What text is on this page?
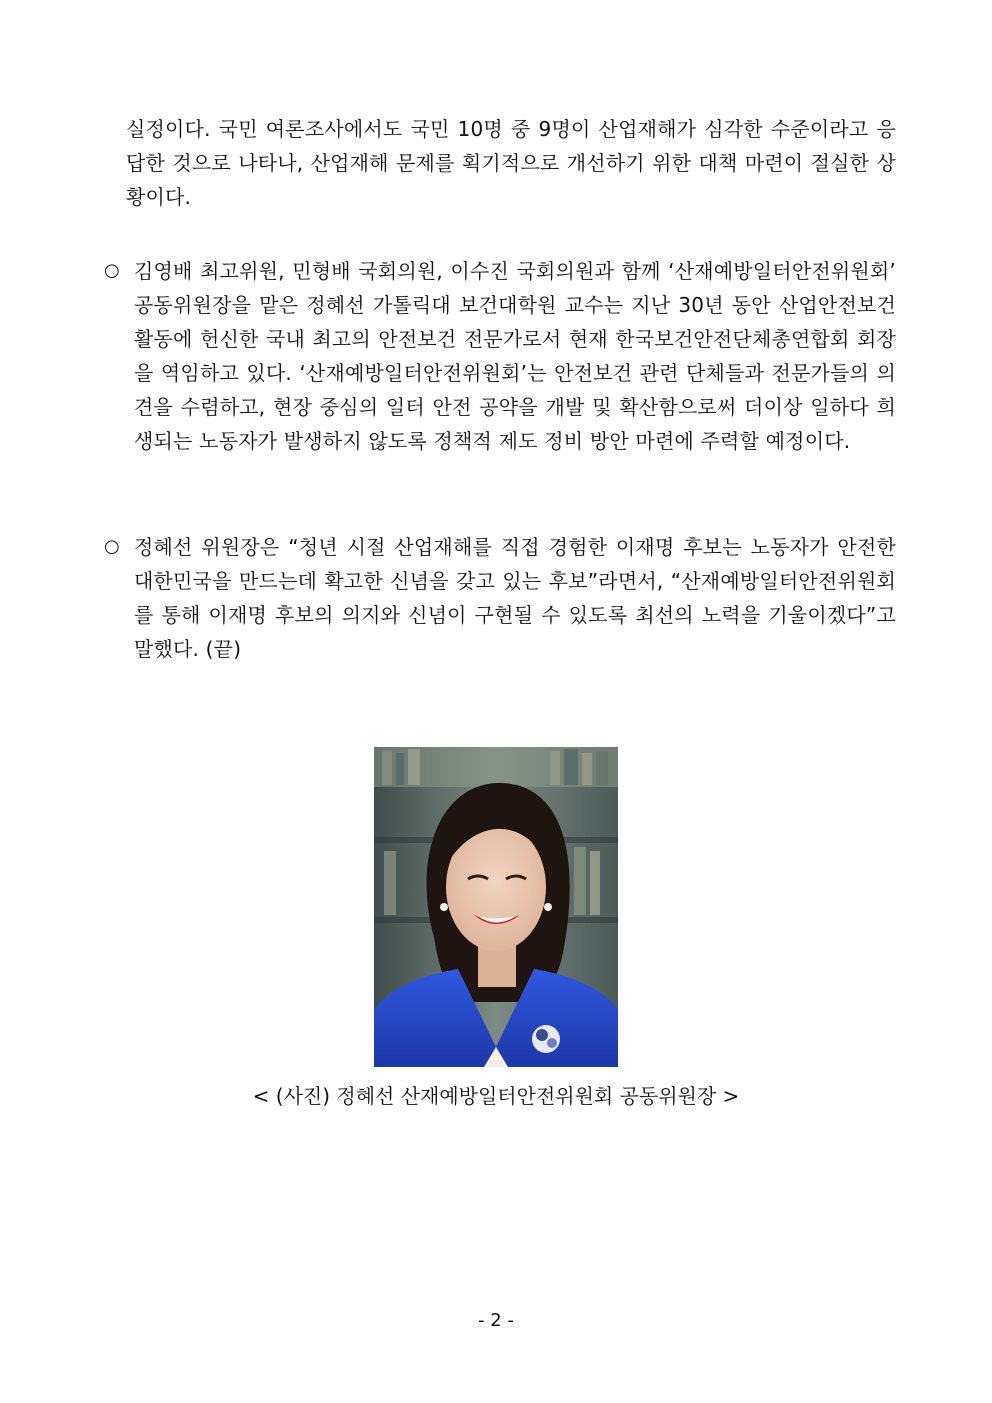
실정이다. 국민 여론조사에서도 국민 10명 중 9명이 산업재해가 심각한 수준이라고 응답한 것으로 나타나, 산업재해 문제를 획기적으로 개선하기 위한 대책 마련이 절실한 상황이다.
○ 김영배 최고위원, 민형배 국회의원, 이수진 국회의원과 함께 ‘산재예방일터안전위원회’ 공동위원장을 맡은 정혜선 가톨릭대 보건대학원 교수는 지난 30년 동안 산업안전보건 활동에 헌신한 국내 최고의 안전보건 전문가로서 현재 한국보건안전단체총연합회 회장을 역임하고 있다. ‘산재예방일터안전위원회’는 안전보건 관련 단체들과 전문가들의 의견을 수렴하고, 현장 중심의 일터 안전 공약을 개발 및 확산함으로써 더이상 일하다 희생되는 노동자가 발생하지 않도록 정책적 제도 정비 방안 마련에 주력할 예정이다.
○ 정혜선 위원장은 “청년 시절 산업재해를 직접 경험한 이재명 후보는 노동자가 안전한 대한민국을 만드는데 확고한 신념을 갖고 있는 후보”라면서, “산재예방일터안전위원회를 통해 이재명 후보의 의지와 신념이 구현될 수 있도록 최선의 노력을 기울이겠다”고 말했다. (끝)
< (사진) 정혜선 산재예방일터안전위원회 공동위원장 >
- 2 -
